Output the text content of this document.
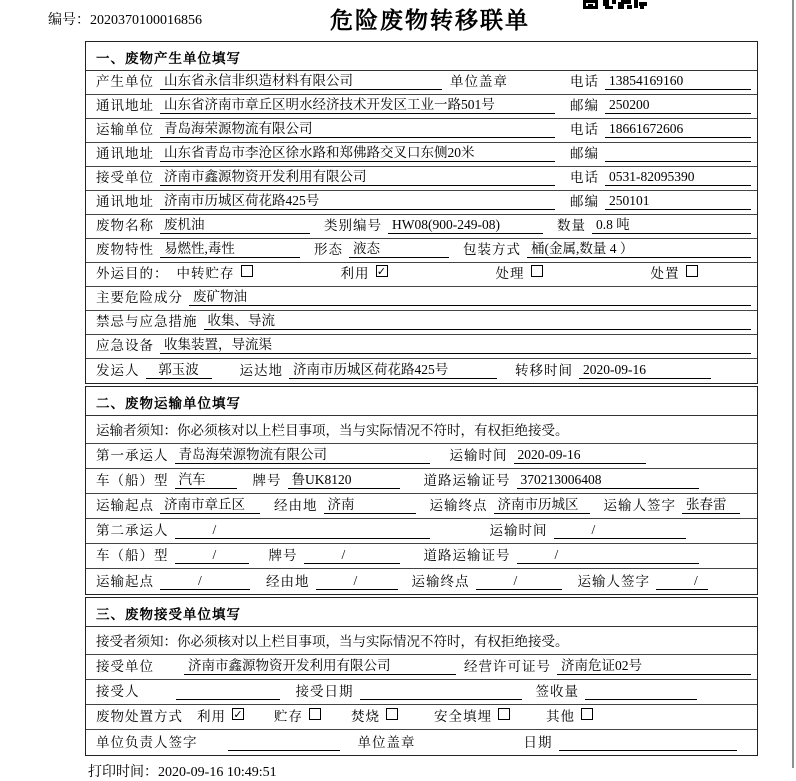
编号：2020370100016856	危险废物转移联单
一、废物产生单位填写
产生单位 山东省永信非织造材料有限公司	单位盖章	电话 13854169160
通讯地址 山东省济南市章丘区明水经济技术开发区工业一路501号	邮编 250200
运输单位 青岛海荣源物流有限公司	电话 18661672606
通讯地址 山东省青岛市李沧区徐水路和郑佛路交叉口东侧20米	邮编
接受单位 济南市鑫源物资开发利用有限公司	电话 0531-82095390
通讯地址 济南市历城区荷花路425号	邮编 250101
废物名称 废机油	类别编号 HW08(900-249-08)	数量 0.8 吨
废物特性 易燃性,毒性	形态 液态	包装方式 桶(金属,数量 4 ）
外运目的： 中转贮存	利用 ✓	处理	处置
主要危险成分 废矿物油
禁忌与应急措施 收集、导流
应急设备 收集装置，导流渠
发运人	郭玉波	运达地 济南市历城区荷花路425号	转移时间 2020-09-16
二、废物运输单位填写
运输者须知：你必须核对以上栏目事项，当与实际情况不符时，有权拒绝接受。
第一承运人 青岛海荣源物流有限公司	运输时间 2020-09-16
车（船）型 汽车	牌号 鲁UK8120	道路运输证号 370213006408
运输起点 济南市章丘区	经由地 济南	运输终点 济南市历城区	运输人签字 张春雷
第二承运人	/	运输时间	/
车（船）型	/	牌号	/	道路运输证号	/
运输起点	/	经由地	/	运输终点	/	运输人签字	/
三、废物接受单位填写
接受者须知：你必须核对以上栏目事项，当与实际情况不符时，有权拒绝接受。
接受单位	济南市鑫源物资开发利用有限公司	经营许可证号 济南危证02号
接受人	接受日期	签收量
废物处置方式 利用 ✓ 贮存	焚烧	安全填埋	其他
单位负责人签字	单位盖章	日期
打印时间：2020-09-16 10:49:51
